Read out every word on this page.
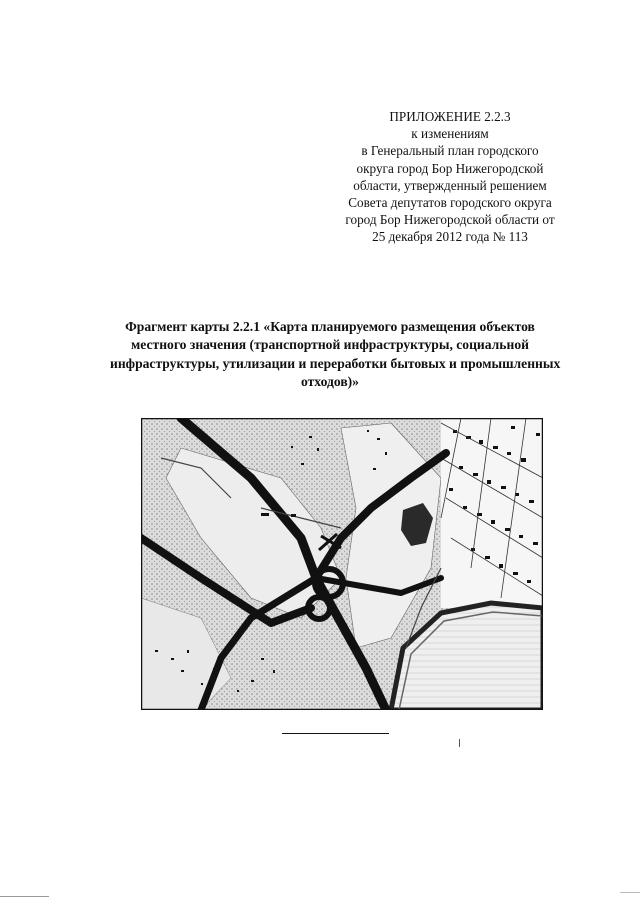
ПРИЛОЖЕНИЕ 2.2.3
к изменениям
в Генеральный план городского
округа город Бор Нижегородской
области, утвержденный решением
Совета депутатов городского округа
город Бор Нижегородской области от
25 декабря 2012 года № 113
Фрагмент карты 2.2.1 «Карта планируемого размещения объектов
местного значения (транспортной инфраструктуры, социальной
инфраструктуры, утилизации и переработки бытовых и промышленных
отходов)»
